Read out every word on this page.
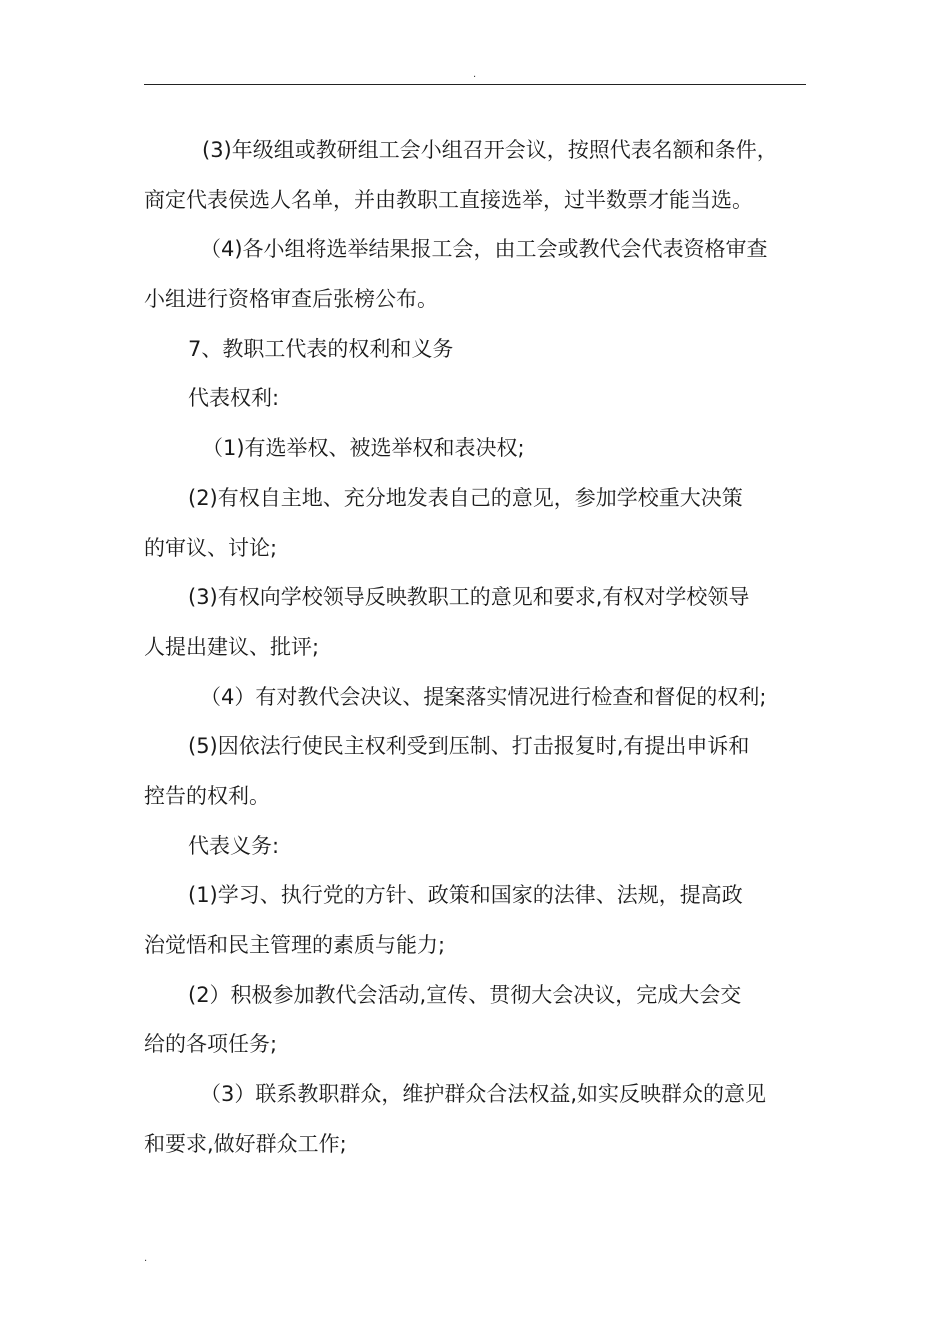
.
(3)年级组或教研组工会小组召开会议，按照代表名额和条件，
商定代表侯选人名单，并由教职工直接选举，过半数票才能当选。
（4)各小组将选举结果报工会，由工会或教代会代表资格审查
小组进行资格审查后张榜公布。
7、教职工代表的权利和义务
代表权利:
（1)有选举权、被选举权和表决权;
(2)有权自主地、充分地发表自己的意见，参加学校重大决策
的审议、讨论;
(3)有权向学校领导反映教职工的意见和要求,有权对学校领导
人提出建议、批评;
（4）有对教代会决议、提案落实情况进行检查和督促的权利;
(5)因依法行使民主权利受到压制、打击报复时,有提出申诉和
控告的权利。
代表义务:
(1)学习、执行党的方针、政策和国家的法律、法规，提高政
治觉悟和民主管理的素质与能力;
(2）积极参加教代会活动,宣传、贯彻大会决议，完成大会交
给的各项任务;
（3）联系教职群众，维护群众合法权益,如实反映群众的意见
和要求,做好群众工作;
.
